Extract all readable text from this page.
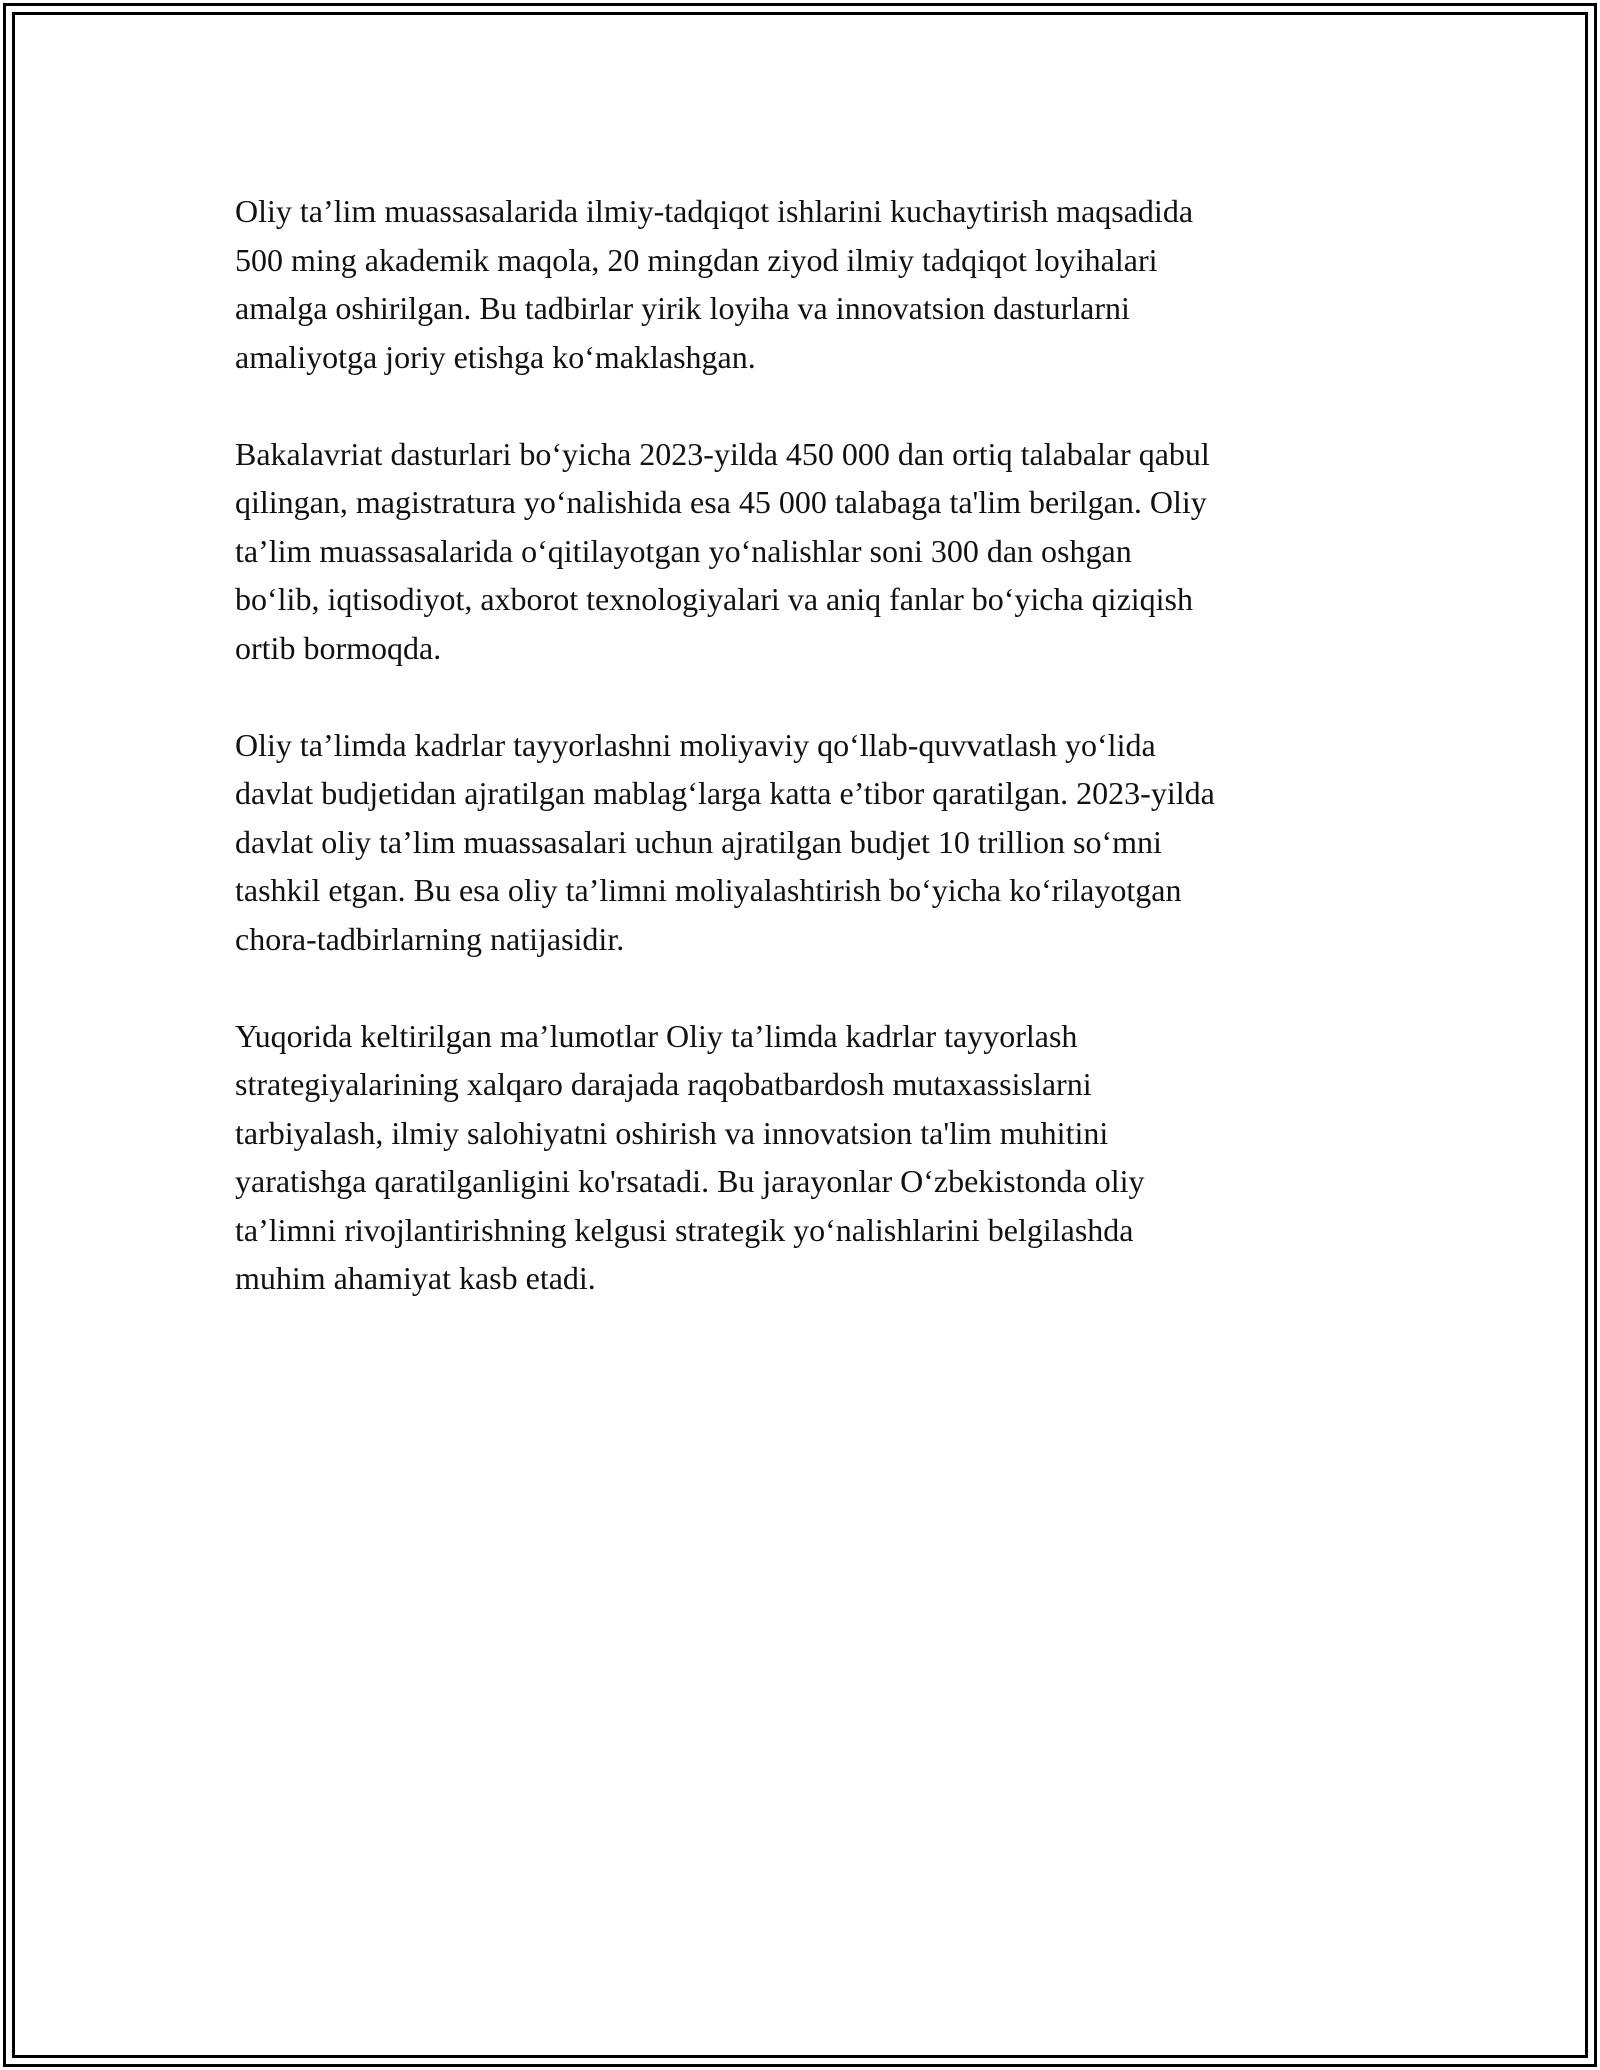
Oliy ta’lim muassasalarida ilmiy-tadqiqot ishlarini kuchaytirish maqsadida
500 ming akademik maqola, 20 mingdan ziyod ilmiy tadqiqot loyihalari
amalga oshirilgan. Bu tadbirlar yirik loyiha va innovatsion dasturlarni
amaliyotga joriy etishga ko‘maklashgan.

Bakalavriat dasturlari bo‘yicha 2023-yilda 450 000 dan ortiq talabalar qabul
qilingan, magistratura yo‘nalishida esa 45 000 talabaga ta'lim berilgan. Oliy
ta’lim muassasalarida o‘qitilayotgan yo‘nalishlar soni 300 dan oshgan
bo‘lib, iqtisodiyot, axborot texnologiyalari va aniq fanlar bo‘yicha qiziqish
ortib bormoqda.

Oliy ta’limda kadrlar tayyorlashni moliyaviy qo‘llab-quvvatlash yo‘lida
davlat budjetidan ajratilgan mablag‘larga katta e’tibor qaratilgan. 2023-yilda
davlat oliy ta’lim muassasalari uchun ajratilgan budjet 10 trillion so‘mni
tashkil etgan. Bu esa oliy ta’limni moliyalashtirish bo‘yicha ko‘rilayotgan
chora-tadbirlarning natijasidir.

Yuqorida keltirilgan ma’lumotlar Oliy ta’limda kadrlar tayyorlash
strategiyalarining xalqaro darajada raqobatbardosh mutaxassislarni
tarbiyalash, ilmiy salohiyatni oshirish va innovatsion ta'lim muhitini
yaratishga qaratilganligini ko'rsatadi. Bu jarayonlar O‘zbekistonda oliy
ta’limni rivojlantirishning kelgusi strategik yo‘nalishlarini belgilashda
muhim ahamiyat kasb etadi.
